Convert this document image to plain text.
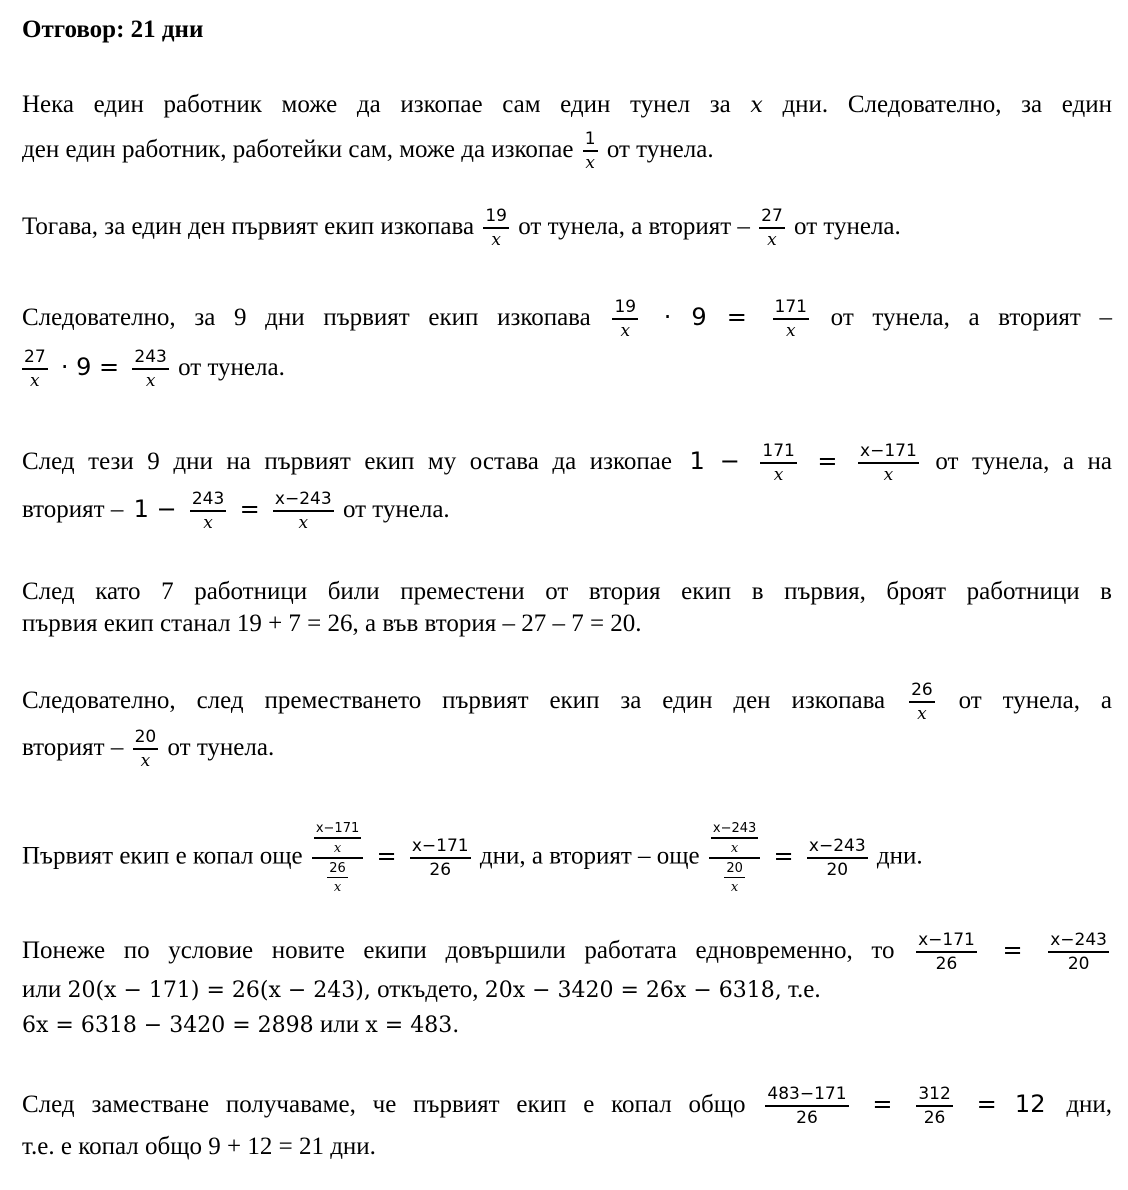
Отговор: 21 дни
Нека един работник може да изкопае сам един тунел за x дни. Следователно, за един
ден един работник, работейки сам, може да изкопае $\frac{1}{x}$ от тунела.
Тогава, за един ден първият екип изкопава $\frac{19}{x}$ от тунела, а вторият – $\frac{27}{x}$ от тунела.
Следователно, за 9 дни първият екип изкопава $\frac{19}{x} \cdot 9 = \frac{171}{x}$ от тунела, а вторият –
$\frac{27}{x} \cdot 9 = \frac{243}{x}$ от тунела.
След тези 9 дни на първият екип му остава да изкопае $1 - \frac{171}{x} = \frac{x-171}{x}$ от тунела, а на
вторият – $1 - \frac{243}{x} = \frac{x-243}{x}$ от тунела.
След като 7 работници били преместени от втория екип в първия, броят работници в
първия екип станал 19 + 7 = 26, а във втория – 27 – 7 = 20.
Следователно, след преместването първият екип за един ден изкопава $\frac{26}{x}$ от тунела, а
вторият – $\frac{20}{x}$ от тунела.
Първият екип е копал още $\frac{\frac{x-171}{x}}{\frac{26}{x}} = \frac{x-171}{26}$ дни, а вторият – още $\frac{\frac{x-243}{x}}{\frac{20}{x}} = \frac{x-243}{20}$ дни.
Понеже по условие новите екипи довършили работата едновременно, то $\frac{x-171}{26} = \frac{x-243}{20}$
или 20(x − 171) = 26(x − 243), откъдето, 20x − 3420 = 26x − 6318, т.е.
6x = 6318 − 3420 = 2898 или x = 483.
След заместване получаваме, че първият екип е копал общо $\frac{483-171}{26} = \frac{312}{26} = 12$ дни,
т.е. е копал общо 9 + 12 = 21 дни.
